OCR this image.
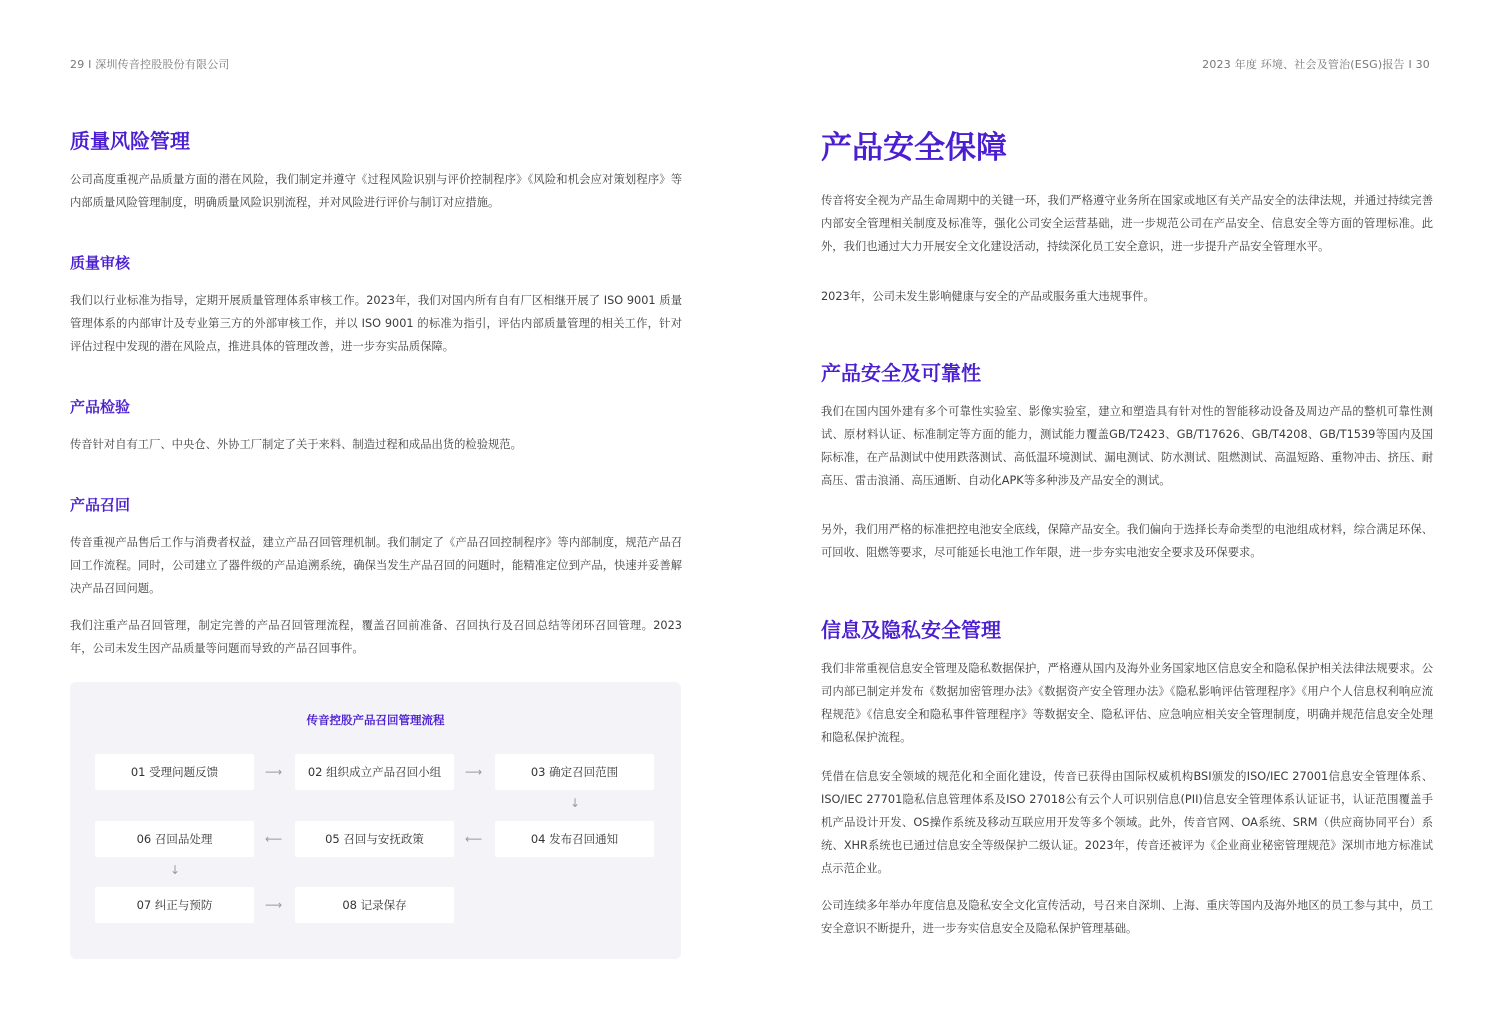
29 I 深圳传音控股股份有限公司
质量风险管理

公司高度重视产品质量方面的潜在风险，我们制定并遵守《过程风险识别与评价控制程序》《风险和机会应对策划程序》等内部质量风险管理制度，明确质量风险识别流程，并对风险进行评价与制订对应措施。

质量审核

我们以行业标准为指导，定期开展质量管理体系审核工作。2023年，我们对国内所有自有厂区相继开展了 ISO 9001 质量管理体系的内部审计及专业第三方的外部审核工作，并以 ISO 9001 的标准为指引，评估内部质量管理的相关工作，针对评估过程中发现的潜在风险点，推进具体的管理改善，进一步夯实品质保障。

产品检验

传音针对自有工厂、中央仓、外协工厂制定了关于来料、制造过程和成品出货的检验规范。

产品召回

传音重视产品售后工作与消费者权益，建立产品召回管理机制。我们制定了《产品召回控制程序》等内部制度，规范产品召回工作流程。同时，公司建立了器件级的产品追溯系统，确保当发生产品召回的问题时，能精准定位到产品，快速并妥善解决产品召回问题。

我们注重产品召回管理，制定完善的产品召回管理流程，覆盖召回前准备、召回执行及召回总结等闭环召回管理。2023年，公司未发生因产品质量等问题而导致的产品召回事件。

传音控股产品召回管理流程
01 受理问题反馈	⟶	02 组织成立产品召回小组	⟶	03 确定召回范围
↓
06 召回品处理	⟵	05 召回与安抚政策	⟵	04 发布召回通知
↓
07 纠正与预防	⟶	08 记录保存
2023 年度 环境、社会及管治(ESG)报告 I 30
产品安全保障

传音将安全视为产品生命周期中的关键一环，我们严格遵守业务所在国家或地区有关产品安全的法律法规，并通过持续完善内部安全管理相关制度及标准等，强化公司安全运营基础，进一步规范公司在产品安全、信息安全等方面的管理标准。此外，我们也通过大力开展安全文化建设活动，持续深化员工安全意识，进一步提升产品安全管理水平。

2023年，公司未发生影响健康与安全的产品或服务重大违规事件。

产品安全及可靠性

我们在国内国外建有多个可靠性实验室、影像实验室，建立和塑造具有针对性的智能移动设备及周边产品的整机可靠性测试、原材料认证、标准制定等方面的能力，测试能力覆盖GB/T2423、GB/T17626、GB/T4208、GB/T1539等国内及国际标准，在产品测试中使用跌落测试、高低温环境测试、漏电测试、防水测试、阻燃测试、高温短路、重物冲击、挤压、耐高压、雷击浪涌、高压通断、自动化APK等多种涉及产品安全的测试。

另外，我们用严格的标准把控电池安全底线，保障产品安全。我们偏向于选择长寿命类型的电池组成材料，综合满足环保、可回收、阻燃等要求，尽可能延长电池工作年限，进一步夯实电池安全要求及环保要求。

信息及隐私安全管理

我们非常重视信息安全管理及隐私数据保护，严格遵从国内及海外业务国家地区信息安全和隐私保护相关法律法规要求。公司内部已制定并发布《数据加密管理办法》《数据资产安全管理办法》《隐私影响评估管理程序》《用户个人信息权利响应流程规范》《信息安全和隐私事件管理程序》等数据安全、隐私评估、应急响应相关安全管理制度，明确并规范信息安全处理和隐私保护流程。

凭借在信息安全领域的规范化和全面化建设，传音已获得由国际权威机构BSI颁发的ISO/IEC 27001信息安全管理体系、ISO/IEC 27701隐私信息管理体系及ISO 27018公有云个人可识别信息(PII)信息安全管理体系认证证书，认证范围覆盖手机产品设计开发、OS操作系统及移动互联应用开发等多个领域。此外，传音官网、OA系统、SRM（供应商协同平台）系统、XHR系统也已通过信息安全等级保护二级认证。2023年，传音还被评为《企业商业秘密管理规范》深圳市地方标准试点示范企业。

公司连续多年举办年度信息及隐私安全文化宣传活动，号召来自深圳、上海、重庆等国内及海外地区的员工参与其中，员工安全意识不断提升，进一步夯实信息安全及隐私保护管理基础。
